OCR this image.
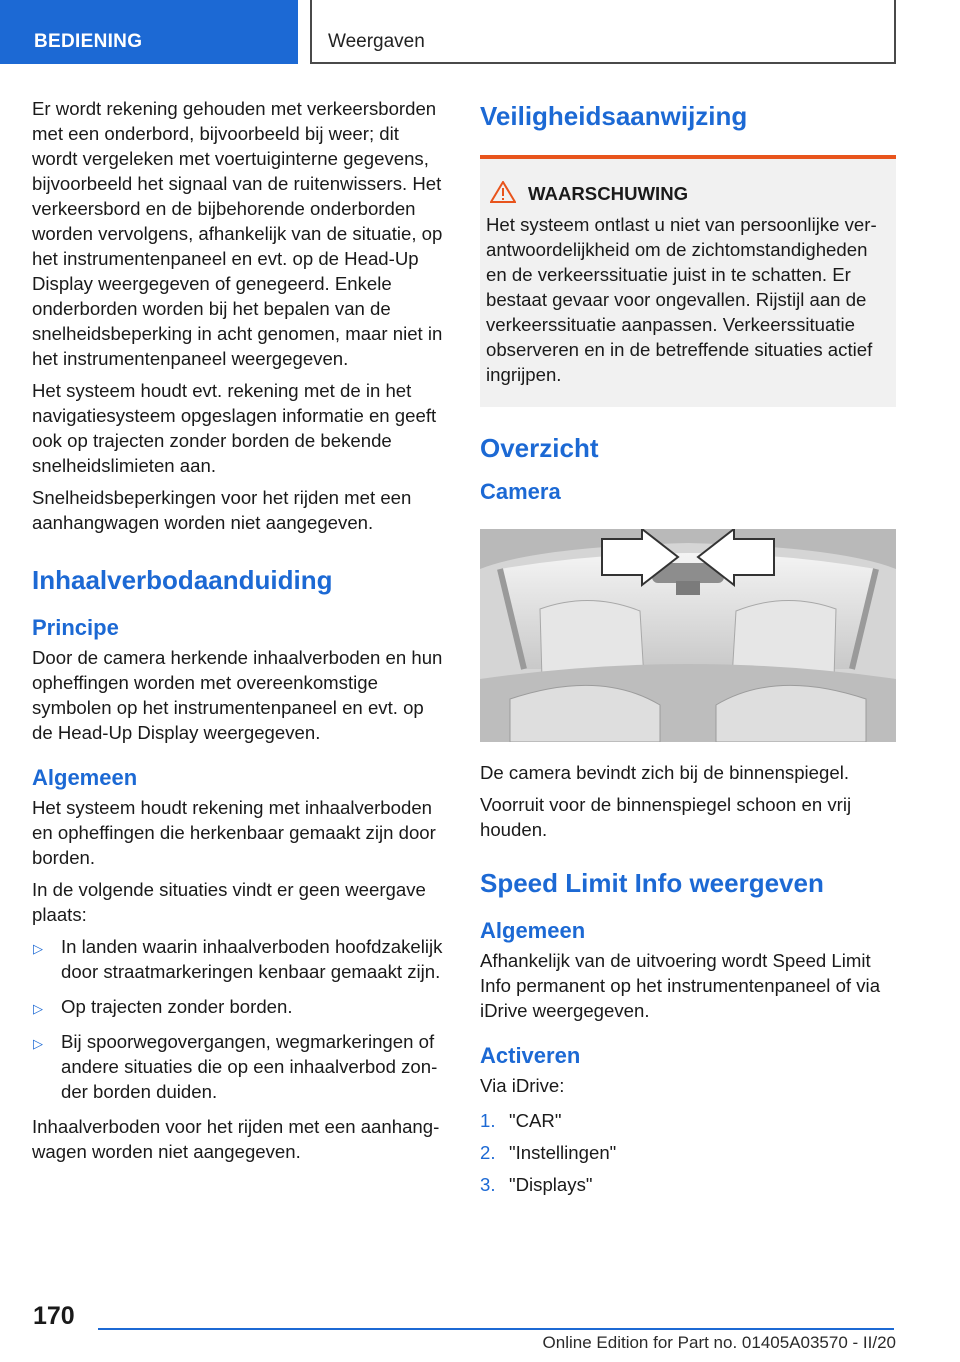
BEDIENING	Weergaven

Er wordt rekening gehouden met verkeersborden met een onderbord, bijvoorbeeld bij weer; dit wordt vergeleken met voertuiginterne gegevens, bijvoorbeeld het signaal van de ruitenwissers. Het verkeersbord en de bijbehorende onderborden worden vervolgens, afhankelijk van de situatie, op het instrumentenpaneel en evt. op de Head-Up Display weergegeven of genegeerd. Enkele onderborden worden bij het bepalen van de snelheidsbeperking in acht genomen, maar niet in het instrumentenpaneel weergegeven.

Het systeem houdt evt. rekening met de in het navigatiesysteem opgeslagen informatie en geeft ook op trajecten zonder borden de bekende snelheidslimieten aan.

Snelheidsbeperkingen voor het rijden met een aanhangwagen worden niet aangegeven.

Inhaalverbodaanduiding
Principe

Door de camera herkende inhaalverboden en hun opheffingen worden met overeenkomstige symbolen op het instrumentenpaneel en evt. op de Head-Up Display weergegeven.

Algemeen

Het systeem houdt rekening met inhaalverboden en opheffingen die herkenbaar gemaakt zijn door borden.

In de volgende situaties vindt er geen weergave plaats:

▷ In landen waarin inhaalverboden hoofdzakelijk door straatmarkeringen kenbaar gemaakt zijn.
▷ Op trajecten zonder borden.
▷ Bij spoorwegovergangen, wegmarkeringen of andere situaties die op een inhaalverbod zonder borden duiden.

Inhaalverboden voor het rijden met een aanhangwagen worden niet aangegeven.

Veiligheidsaanwijzing
WAARSCHUWING

Het systeem ontlast u niet van persoonlijke verantwoordelijkheid om de zichtomstandigheden en de verkeerssituatie juist in te schatten. Er bestaat gevaar voor ongevallen. Rijstijl aan de verkeerssituatie aanpassen. Verkeerssituatie observeren en in de betreffende situaties actief ingrijpen.

Overzicht
Camera

De camera bevindt zich bij de binnenspiegel.

Voorruit voor de binnenspiegel schoon en vrij houden.

Speed Limit Info weergeven
Algemeen

Afhankelijk van de uitvoering wordt Speed Limit Info permanent op het instrumentenpaneel of via iDrive weergegeven.

Activeren

Via iDrive:

1. "CAR"
2. "Instellingen"
3. "Displays"
170
Online Edition for Part no. 01405A03570 - II/20
